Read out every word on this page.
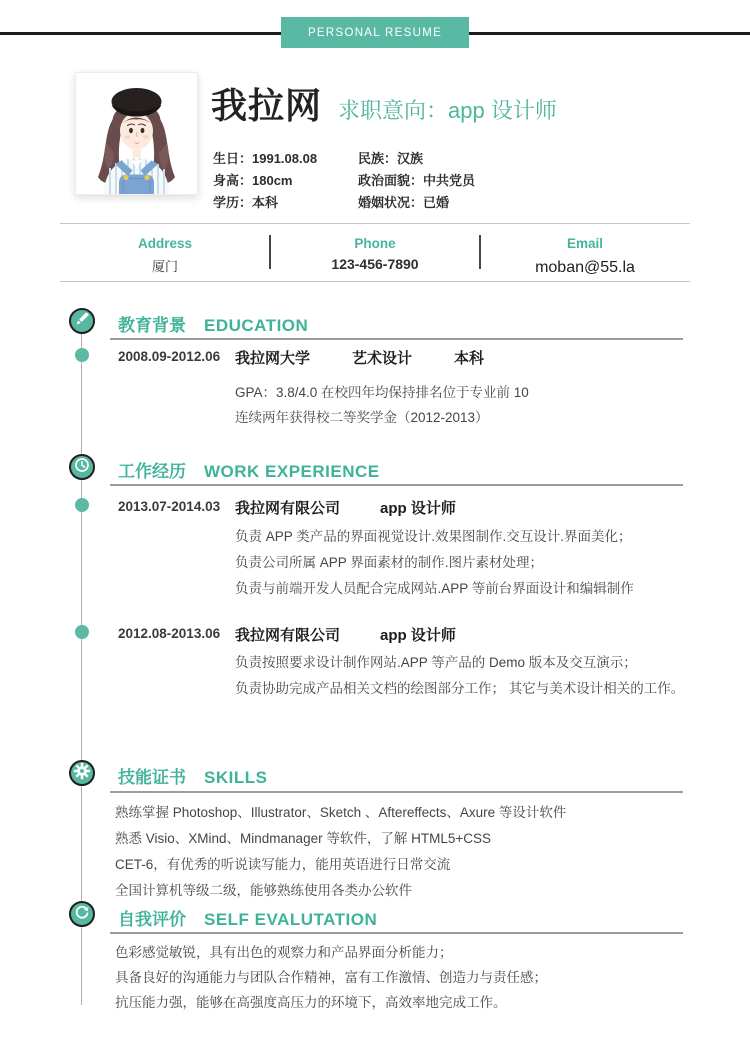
PERSONAL RESUME
我拉网 求职意向：app 设计师
生日：1991.08.08	民族：汉族
身高：180cm	政治面貌：中共党员
学历：本科	婚姻状况：已婚
Address
厦门
Phone
123-456-7890
Email
moban@55.la
教育背景 EDUCATION
2008.09-2012.06 我拉网大学	艺术设计	本科
GPA：3.8/4.0 在校四年均保持排名位于专业前 10
连续两年获得校二等奖学金（2012-2013）
工作经历 WORK EXPERIENCE
2013.07-2014.03 我拉网有限公司	app 设计师
负责 APP 类产品的界面视觉设计.效果图制作.交互设计.界面美化；
负责公司所属 APP 界面素材的制作.图片素材处理；
负责与前端开发人员配合完成网站.APP 等前台界面设计和编辑制作
2012.08-2013.06 我拉网有限公司	app 设计师
负责按照要求设计制作网站.APP 等产品的 Demo 版本及交互演示；
负责协助完成产品相关文档的绘图部分工作； 其它与美术设计相关的工作。
技能证书 SKILLS
熟练掌握 Photoshop、Illustrator、Sketch 、Aftereffects、Axure 等设计软件
熟悉 Visio、XMind、Mindmanager 等软件，了解 HTML5+CSS
CET-6，有优秀的听说读写能力，能用英语进行日常交流
全国计算机等级二级，能够熟练使用各类办公软件
自我评价 SELF EVALUTATION
色彩感觉敏锐，具有出色的观察力和产品界面分析能力；
具备良好的沟通能力与团队合作精神，富有工作激情、创造力与责任感；
抗压能力强，能够在高强度高压力的环境下，高效率地完成工作。
